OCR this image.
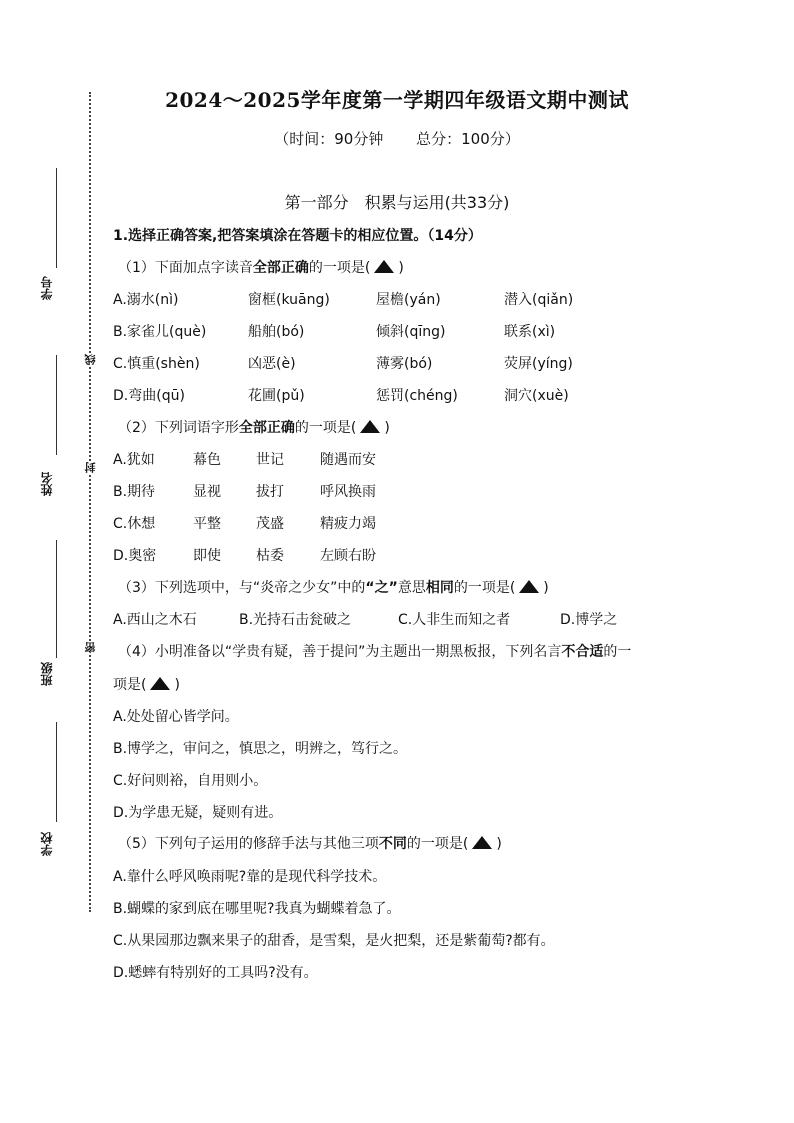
学号
姓名
班级
学校
线
封
密
2024～2025学年度第一学期四年级语文期中测试
（时间：90分钟 总分：100分）
第一部分　积累与运用(共33分)
1.选择正确答案,把答案填涂在答题卡的相应位置。（14分）
（1）下面加点字读音全部正确的一项是( )
A.溺水(nì)	窗框(kuāng)	屋檐(yán)	潜入(qiǎn)
B.家雀儿(què)	船舶(bó)	倾斜(qīng)	联系(xì)
C.慎重(shèn)	凶恶(è)	薄雾(bó)	荧屏(yíng)
D.弯曲(qū)	花圃(pǔ)	惩罚(chéng)	洞穴(xuè)
（2）下列词语字形全部正确的一项是( )
A.犹如	幕色	世记	随遇而安
B.期待	显视	拔打	呼风换雨
C.休想	平整	茂盛	精疲力竭
D.奥密	即使	枯委	左顾右盼
（3）下列选项中，与“炎帝之少女”中的“之”意思相同的一项是( )
A.西山之木石	B.光持石击瓮破之	C.人非生而知之者	D.博学之
（4）小明准备以“学贵有疑，善于提问”为主题出一期黑板报，下列名言不合适的一
项是( )
A.处处留心皆学问。
B.博学之，审问之，慎思之，明辨之，笃行之。
C.好问则裕，自用则小。
D.为学患无疑，疑则有进。
（5）下列句子运用的修辞手法与其他三项不同的一项是( )
A.靠什么呼风唤雨呢?靠的是现代科学技术。
B.蝴蝶的家到底在哪里呢?我真为蝴蝶着急了。
C.从果园那边飘来果子的甜香，是雪梨，是火把梨，还是紫葡萄?都有。
D.蟋蟀有特别好的工具吗?没有。
